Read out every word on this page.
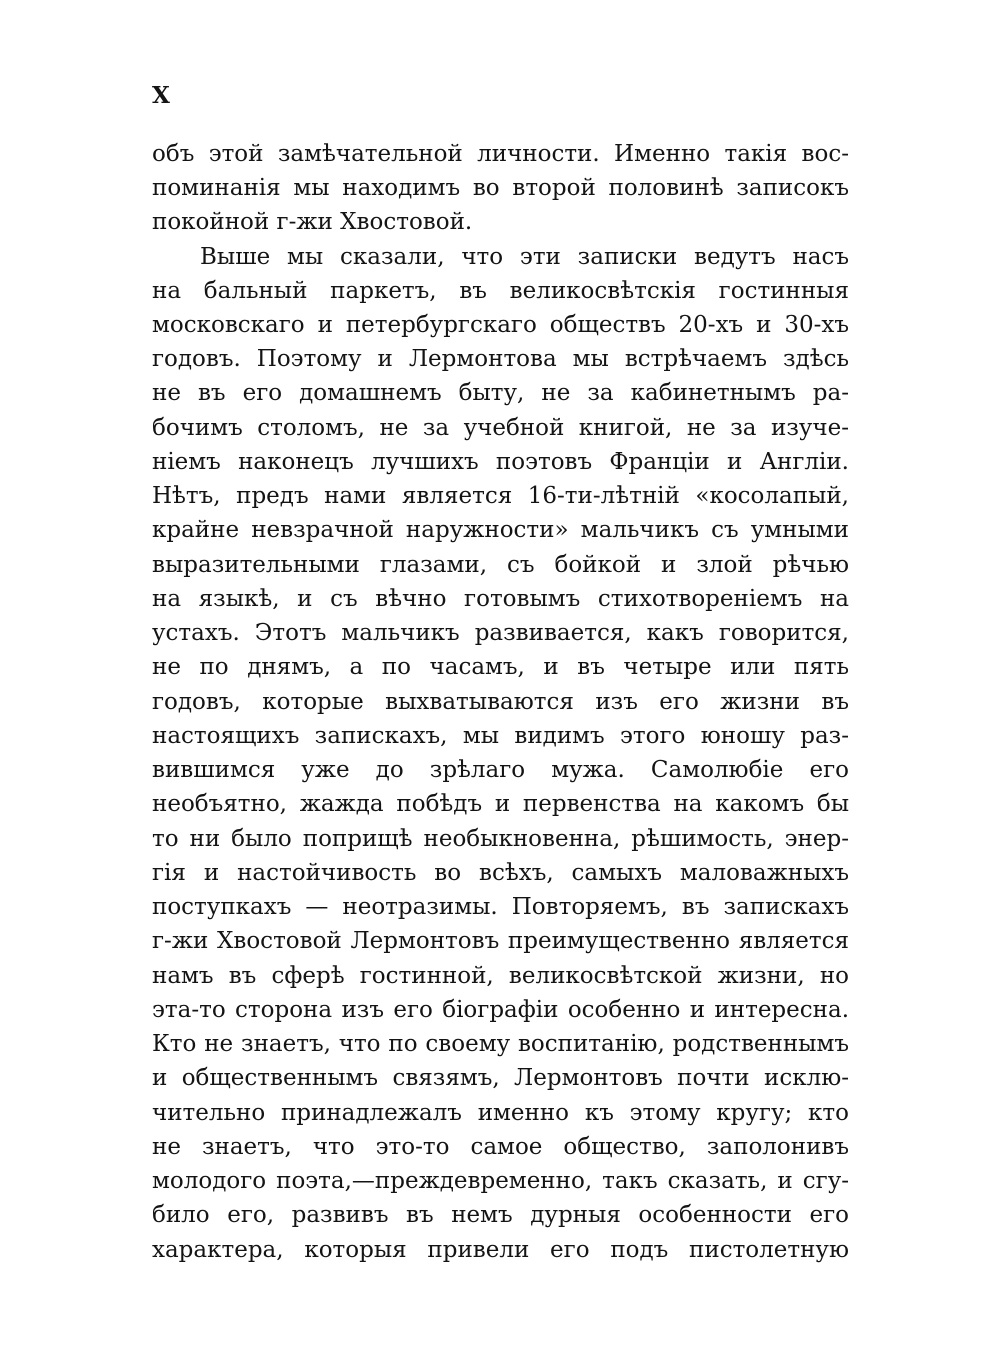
X
объ этой замѣчательной личности. Именно такія вос-
поминанія мы находимъ во второй половинѣ записокъ
покойной г-жи Хвостовой.
Выше мы сказали, что эти записки ведутъ насъ
на бальный паркетъ, въ великосвѣтскія гостинныя
московскаго и петербургскаго обществъ 20-хъ и 30-хъ
годовъ. Поэтому и Лермонтова мы встрѣчаемъ здѣсь
не въ его домашнемъ быту, не за кабинетнымъ ра-
бочимъ столомъ, не за учебной книгой, не за изуче-
ніемъ наконецъ лучшихъ поэтовъ Франціи и Англіи.
Нѣтъ, предъ нами является 16-ти-лѣтній «косолапый,
крайне невзрачной наружности» мальчикъ съ умными
выразительными глазами, съ бойкой и злой рѣчью
на языкѣ, и съ вѣчно готовымъ стихотвореніемъ на
устахъ. Этотъ мальчикъ развивается, какъ говорится,
не по днямъ, а по часамъ, и въ четыре или пять
годовъ, которые выхватываются изъ его жизни въ
настоящихъ запискахъ, мы видимъ этого юношу раз-
вившимся уже до зрѣлаго мужа. Самолюбіе его
необъятно, жажда побѣдъ и первенства на какомъ бы
то ни было поприщѣ необыкновенна, рѣшимость, энер-
гія и настойчивость во всѣхъ, самыхъ маловажныхъ
поступкахъ — неотразимы. Повторяемъ, въ запискахъ
г-жи Хвостовой Лермонтовъ преимущественно является
намъ въ сферѣ гостинной, великосвѣтской жизни, но
эта-то сторона изъ его біографіи особенно и интересна.
Кто не знаетъ, что по своему воспитанію, родственнымъ
и общественнымъ связямъ, Лермонтовъ почти исклю-
чительно принадлежалъ именно къ этому кругу; кто
не знаетъ, что это-то самое общество, заполонивъ
молодого поэта,—преждевременно, такъ сказать, и сгу-
било его, развивъ въ немъ дурныя особенности его
характера, которыя привели его подъ пистолетную
